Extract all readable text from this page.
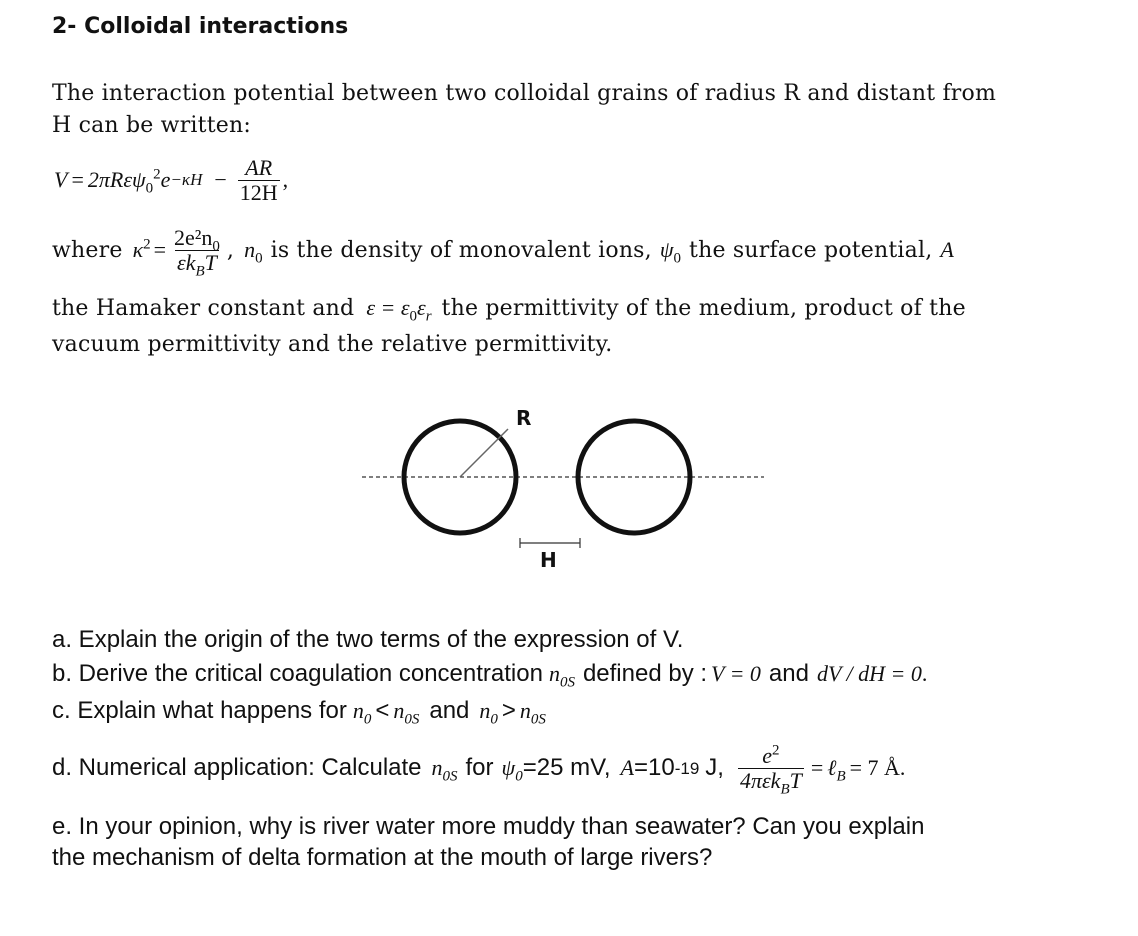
2- Colloidal interactions
The interaction potential between two colloidal grains of radius R and distant from
H can be written:
V = 2πRεψ$_0^2$ $e -\kappa H - \frac{AR}{12H}$ ,
where $\kappa^2 = \frac{2e^2n_0}{\varepsilon k_BT}$ , $n_0$ is the density of monovalent ions, $\psi_0$ the surface potential, A
the Hamaker constant and $\varepsilon = \varepsilon_0\varepsilon_r$ the permittivity of the medium, product of the
vacuum permittivity and the relative permittivity.
R
H
a. Explain the origin of the two terms of the expression of V.
b. Derive the critical coagulation concentration $n_{0S}$ defined by : V = 0 and dV / dH = 0 .
c. Explain what happens for $n_0 < n_{0S}$ and $n_0 > n_{0S}$
d. Numerical application: Calculate $n_{0S}$ for $\psi_0 =25$ mV, A =10 -19 J, $\frac{e^2}{4\pi\varepsilon k_BT}$ = ℓ$_B$ = 7 Å.
e. In your opinion, why is river water more muddy than seawater? Can you explain
the mechanism of delta formation at the mouth of large rivers?
